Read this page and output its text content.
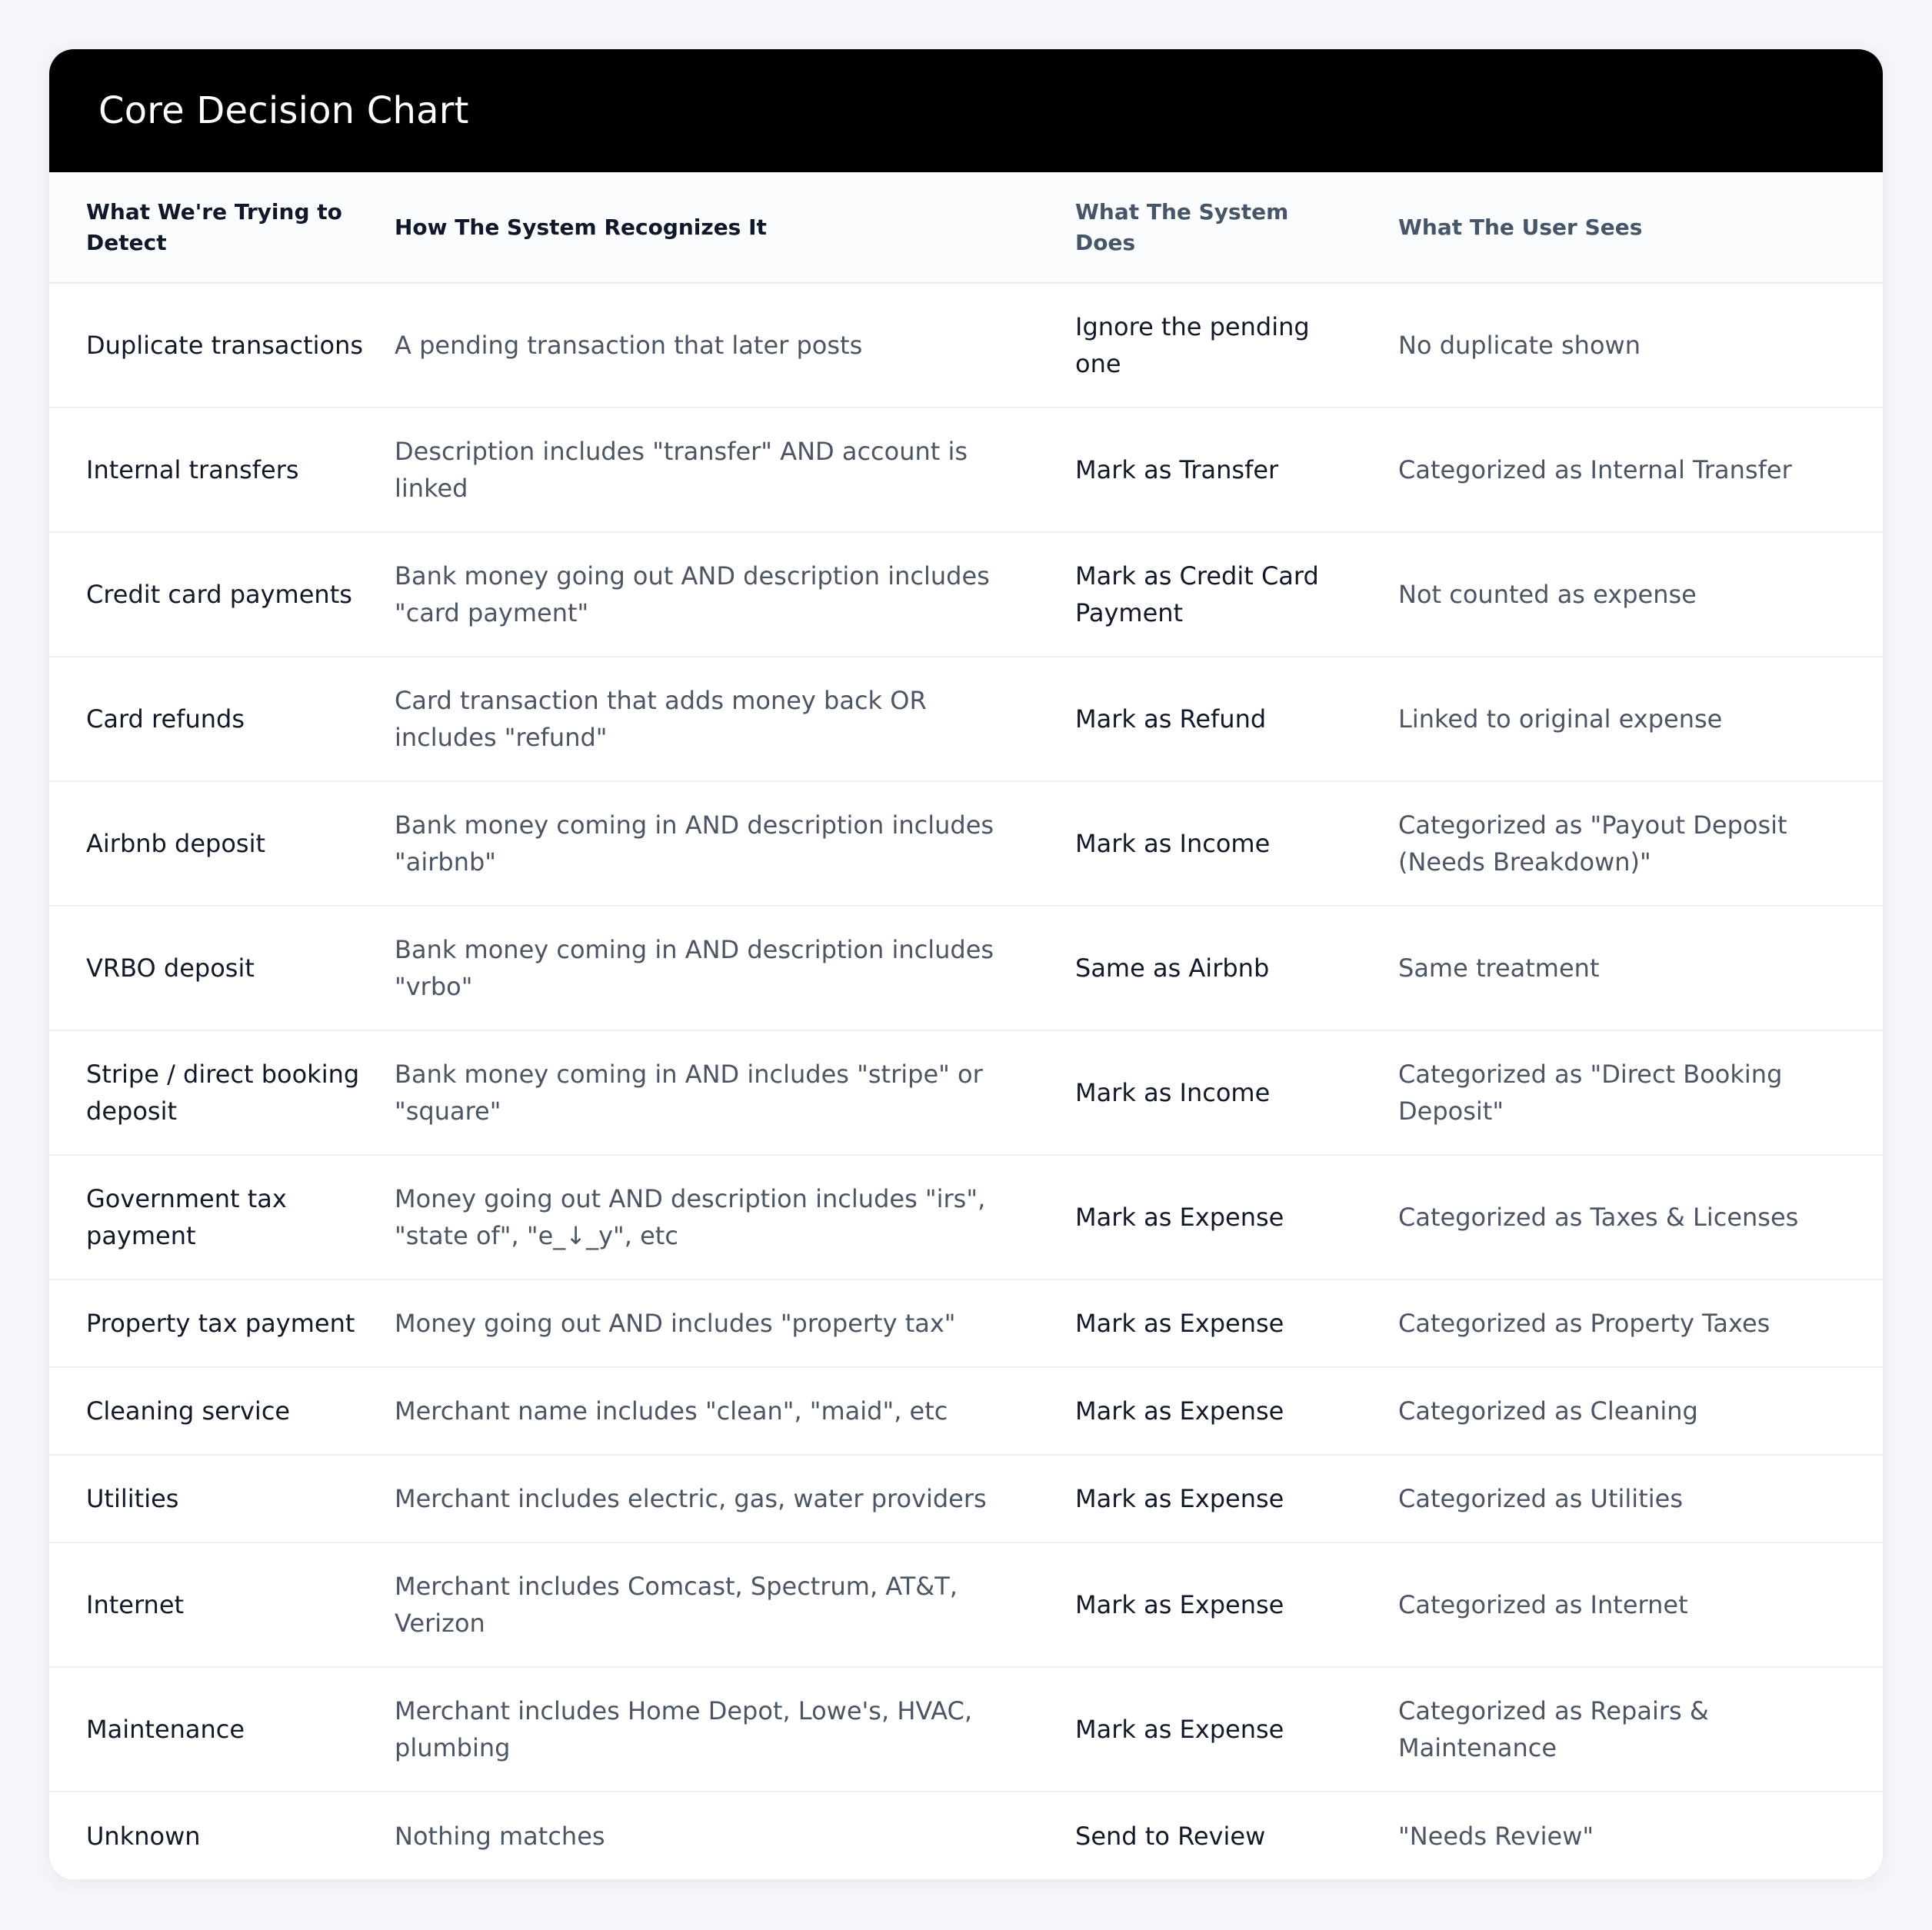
Core Decision Chart
What We're Trying to Detect	How The System Recognizes It	What The System Does	What The User Sees
Duplicate transactions	A pending transaction that later posts	Ignore the pending one	No duplicate shown
Internal transfers	Description includes "transfer" AND account is linked	Mark as Transfer	Categorized as Internal Transfer
Credit card payments	Bank money going out AND description includes "card payment"	Mark as Credit Card Payment	Not counted as expense
Card refunds	Card transaction that adds money back OR includes "refund"	Mark as Refund	Linked to original expense
Airbnb deposit	Bank money coming in AND description includes "airbnb"	Mark as Income	Categorized as "Payout Deposit (Needs Breakdown)"
VRBO deposit	Bank money coming in AND description includes "vrbo"	Same as Airbnb	Same treatment
Stripe / direct booking deposit	Bank money coming in AND includes "stripe" or "square"	Mark as Income	Categorized as "Direct Booking Deposit"
Government tax payment	Money going out AND description includes "irs", "state of", "e_↓_y", etc	Mark as Expense	Categorized as Taxes & Licenses
Property tax payment	Money going out AND includes "property tax"	Mark as Expense	Categorized as Property Taxes
Cleaning service	Merchant name includes "clean", "maid", etc	Mark as Expense	Categorized as Cleaning
Utilities	Merchant includes electric, gas, water providers	Mark as Expense	Categorized as Utilities
Internet	Merchant includes Comcast, Spectrum, AT&T, Verizon	Mark as Expense	Categorized as Internet
Maintenance	Merchant includes Home Depot, Lowe's, HVAC, plumbing	Mark as Expense	Categorized as Repairs & Maintenance
Unknown	Nothing matches	Send to Review	"Needs Review"
